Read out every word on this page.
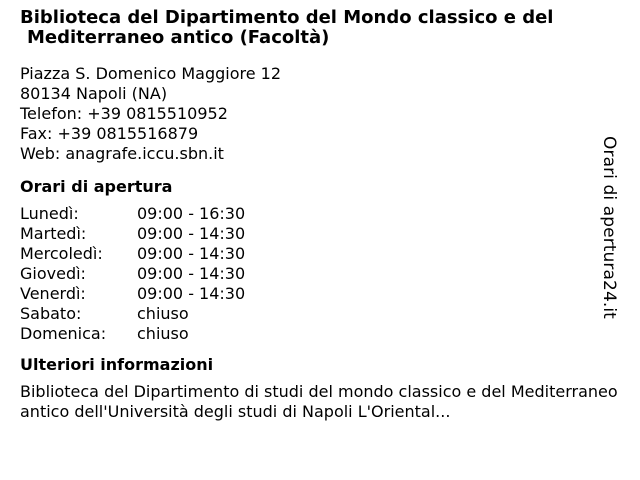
Biblioteca del Dipartimento del Mondo classico e del
Mediterraneo antico (Facoltà)
Piazza S. Domenico Maggiore 12
80134 Napoli (NA)
Telefon: +39 0815510952
Fax: +39 0815516879
Web: anagrafe.iccu.sbn.it
Orari di apertura
Lunedì:	09:00 - 16:30
Martedì:	09:00 - 14:30
Mercoledì:	09:00 - 14:30
Giovedì:	09:00 - 14:30
Venerdì:	09:00 - 14:30
Sabato:	chiuso
Domenica:	chiuso
Ulteriori informazioni
Biblioteca del Dipartimento di studi del mondo classico e del Mediterraneo antico dell'Università degli studi di Napoli L'Oriental...
Orari di apertura24.it
